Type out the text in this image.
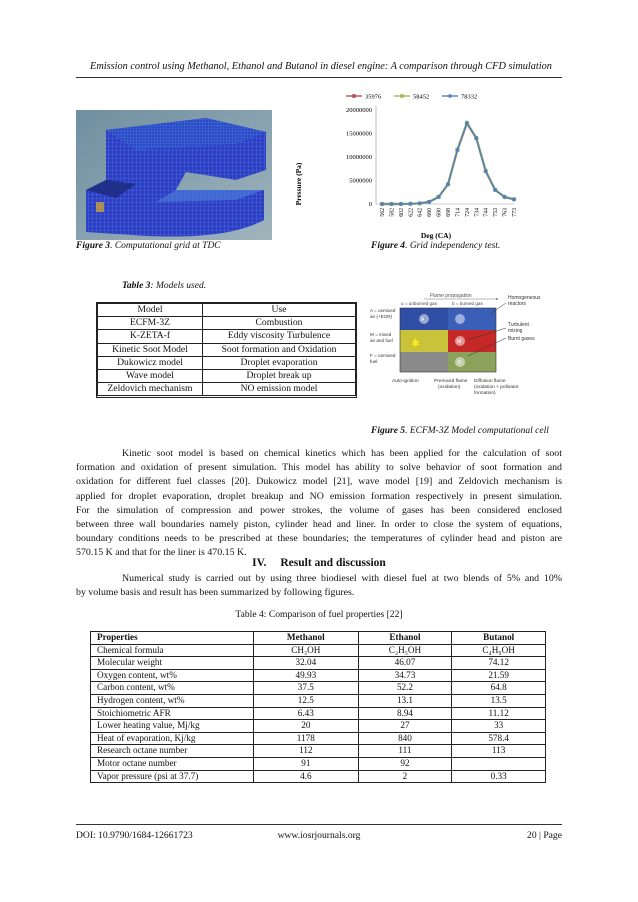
Emission control using Methanol, Ethanol and Butanol in diesel engine: A comparison through CFD simulation
35976	58452	78332
0
5000000
10000000
15000000
20000000
562 582 602 622 642 660 680 698 714 724 734 744 753 763 773
Pressure (Pa)
Deg (CA)
Figure 3. Computational grid at TDC	Figure 4. Grid independency test.
Table 3: Models used.
Model	Use
ECFM-3Z	Combustion
K-ZETA-f	Eddy viscosity Turbulence
Kinetic Soot Model	Soot formation and Oxidation
Dukowicz model	Droplet evaporation
Wave model	Droplet break up
Zeldovich mechanism	NO emission model
Flame propagation
u = unburned gas	b = burned gas
A
M
F
A = unmixed
air (+EGR)
M = mixed
air and fuel
F = unmixed
fuel
Homogeneous
reactors
Turbulent
mixing
Burnt gases
Auto-ignition	Premixed flame
(oxidation)
Diffusion flame
(oxidation + pollutant
formation)
Figure 5. ECFM-3Z Model computational cell
Kinetic soot model is based on chemical kinetics which has been applied for the calculation of soot
formation and oxidation of present simulation. This model has ability to solve behavior of soot formation and
oxidation for different fuel classes [20]. Dukowicz model [21], wave model [19] and Zeldovich mechanism is
applied for droplet evaporation, droplet breakup and NO emission formation respectively in present simulation.
For the simulation of compression and power strokes, the volume of gases has been considered enclosed
between three wall boundaries namely piston, cylinder head and liner. In order to close the system of equations,
boundary conditions needs to be prescribed at these boundaries; the temperatures of cylinder head and piston are
570.15 K and that for the liner is 470.15 K.
IV. Result and discussion
Numerical study is carried out by using three biodiesel with diesel fuel at two blends of 5% and 10%
by volume basis and result has been summarized by following figures.
Table 4: Comparison of fuel properties [22]
Properties	Methanol	Ethanol	Butanol
Chemical formula	CH₃OH	C₂H₅OH	C₄H₉OH
Molecular weight	32.04	46.07	74.12
Oxygen content, wt%	49.93	34.73	21.59
Carbon content, wt%	37.5	52.2	64.8
Hydrogen content, wt%	12.5	13.1	13.5
Stoichiometric AFR	6.43	8.94	11.12
Lower heating value, Mj/kg	20	27	33
Heat of evaporation, Kj/kg	1178	840	578.4
Research octane number	112	111	113
Motor octane number	91	92	
Vapor pressure (psi at 37.7)	4.6	2	0.33
DOI: 10.9790/1684-12661723	www.iosrjournals.org	20 | Page
